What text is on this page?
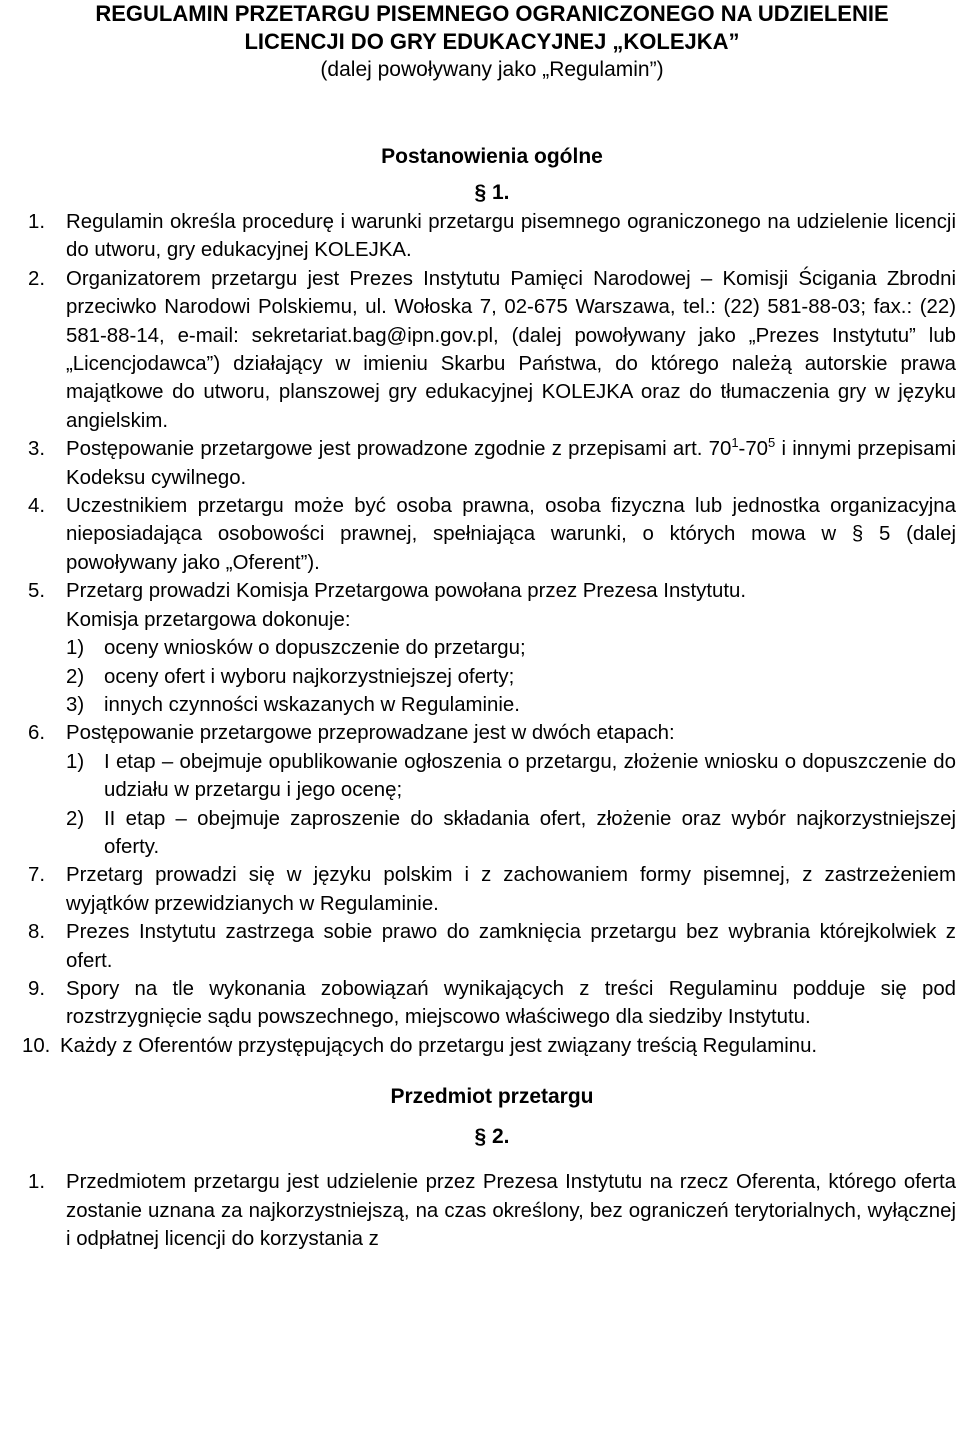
REGULAMIN PRZETARGU PISEMNEGO OGRANICZONEGO NA UDZIELENIE

LICENCJI DO GRY EDUKACYJNEJ „KOLEJKA”

(dalej powoływany jako „Regulamin”)

Postanowienia ogólne

§ 1.

1.	Regulamin określa procedurę i warunki przetargu pisemnego ograniczonego na udzielenie licencji do utworu, gry edukacyjnej KOLEJKA.
2.	Organizatorem przetargu jest Prezes Instytutu Pamięci Narodowej – Komisji Ścigania Zbrodni przeciwko Narodowi Polskiemu, ul. Wołoska 7, 02-675 Warszawa, tel.: (22) 581-88-03; fax.: (22) 581-88-14, e-mail: sekretariat.bag@ipn.gov.pl, (dalej powoływany jako „Prezes Instytutu” lub „Licencjodawca”) działający w imieniu Skarbu Państwa, do którego należą autorskie prawa majątkowe do utworu, planszowej gry edukacyjnej KOLEJKA oraz do tłumaczenia gry w języku angielskim.
3.	Postępowanie przetargowe jest prowadzone zgodnie z przepisami art. $70^1-70^5$ i innymi przepisami Kodeksu cywilnego.
4.	Uczestnikiem przetargu może być osoba prawna, osoba fizyczna lub jednostka organizacyjna nieposiadająca osobowości prawnej, spełniająca warunki, o których mowa w § 5 (dalej powoływany jako „Oferent”).
5.	Przetarg prowadzi Komisja Przetargowa powołana przez Prezesa Instytutu.
Komisja przetargowa dokonuje:
1) oceny wniosków o dopuszczenie do przetargu;
2) oceny ofert i wyboru najkorzystniejszej oferty;
3) innych czynności wskazanych w Regulaminie.
6.	Postępowanie przetargowe przeprowadzane jest w dwóch etapach:
1) I etap – obejmuje opublikowanie ogłoszenia o przetargu, złożenie wniosku o dopuszczenie do udziału w przetargu i jego ocenę;
2) II etap – obejmuje zaproszenie do składania ofert, złożenie oraz wybór najkorzystniejszej oferty.
7.	Przetarg prowadzi się w języku polskim i z zachowaniem formy pisemnej, z zastrzeżeniem wyjątków przewidzianych w Regulaminie.
8.	Prezes Instytutu zastrzega sobie prawo do zamknięcia przetargu bez wybrania którejkolwiek z ofert.
9.	Spory na tle wykonania zobowiązań wynikających z treści Regulaminu podduje się pod rozstrzygnięcie sądu powszechnego, miejscowo właściwego dla siedziby Instytutu.
10. Każdy z Oferentów przystępujących do przetargu jest związany treścią Regulaminu.

Przedmiot przetargu

§ 2.

1.	Przedmiotem przetargu jest udzielenie przez Prezesa Instytutu na rzecz Oferenta, którego oferta zostanie uznana za najkorzystniejszą, na czas określony, bez ograniczeń terytorialnych, wyłącznej i odpłatnej licencji do korzystania z
